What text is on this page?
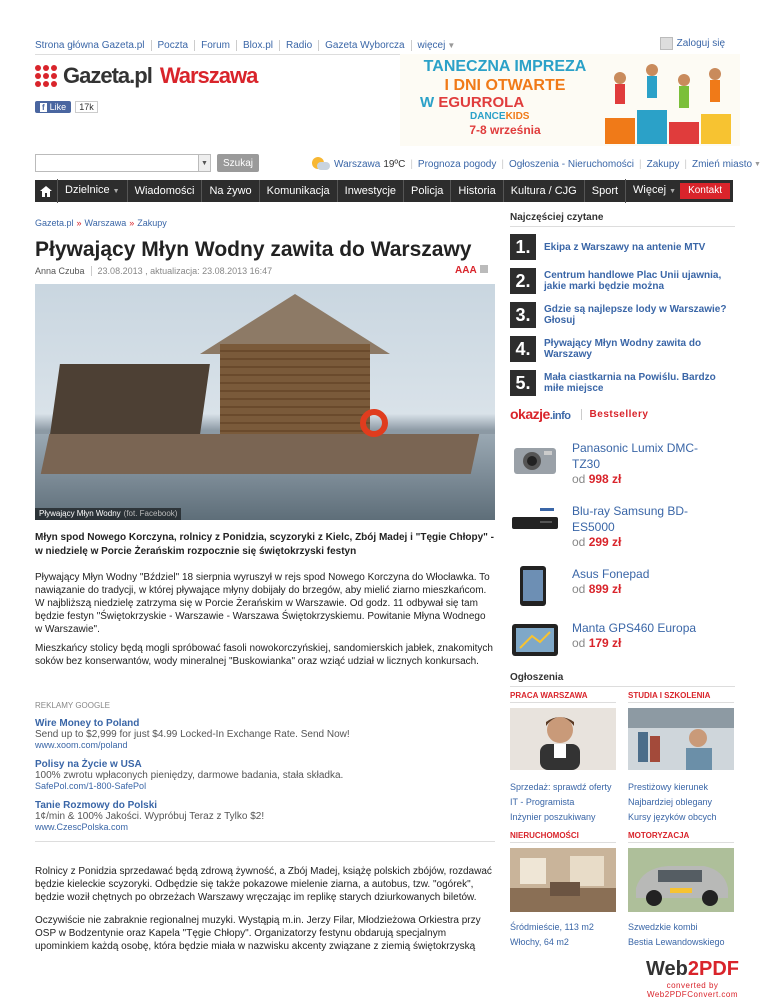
Strona główna Gazeta.pl	Poczta	Forum	Blox.pl	Radio	Gazeta Wyborcza	więcej ▼	Zaloguj się
Gazeta.pl Warszawa
f Like	17k
TANECZNA IMPREZA
I DNI OTWARTE
W EGURROLA
DANCEKIDS
7-8 września
▼	Szukaj	Warszawa 19ºC | Prognoza pogody | Ogłoszenia - Nieruchomości | Zakupy | Zmień miasto ▼
Dzielnice ▼	Wiadomości	Na żywo	Komunikacja	Inwestycje	Policja	Historia	Kultura / CJG	Sport	Więcej ▼	Kontakt
Gazeta.pl » Warszawa » Zakupy
Pływający Młyn Wodny zawita do Warszawy
Anna Czuba 23.08.2013 , aktualizacja: 23.08.2013 16:47	AAA
Pływający Młyn Wodny (fot. Facebook)
Młyn spod Nowego Korczyna, rolnicy z Ponidzia, scyzoryki z Kielc, Zbój Madej i "Tęgie Chłopy" - w niedzielę w Porcie Żerańskim rozpocznie się świętokrzyski festyn
Pływający Młyn Wodny "Bździel" 18 sierpnia wyruszył w rejs spod Nowego Korczyna do Włocławka. To nawiązanie do tradycji, w której pływające młyny dobijały do brzegów, aby mielić ziarno mieszkańcom. W najbliższą niedzielę zatrzyma się w Porcie Żerańskim w Warszawie. Od godz. 11 odbywał się tam będzie festyn "Świętokrzyskie - Warszawie - Warszawa Świętokrzyskiemu. Powitanie Młyna Wodnego w Warszawie".
Mieszkańcy stolicy będą mogli spróbować fasoli nowokorczyńskiej, sandomierskich jabłek, znakomitych soków bez konserwantów, wody mineralnej "Buskowianka" oraz wziąć udział w licznych konkursach.
REKLAMY GOOGLE
Wire Money to Poland
Send up to $2,999 for just $4.99 Locked-In Exchange Rate. Send Now!
www.xoom.com/poland
Polisy na Życie w USA
100% zwrotu wpłaconych pieniędzy, darmowe badania, stała składka.
SafePol.com/1-800-SafePol
Tanie Rozmowy do Polski
1¢/min & 100% Jakości. Wypróbuj Teraz z Tylko $2!
www.CzescPolska.com
Rolnicy z Ponidzia sprzedawać będą zdrową żywność, a Zbój Madej, książę polskich zbójów, rozdawać będzie kieleckie scyzoryki. Odbędzie się także pokazowe mielenie ziarna, a autobus, tzw. "ogórek", będzie woził chętnych po obrzeżach Warszawy wręczając im replikę starych dziurkowanych biletów.
Oczywiście nie zabraknie regionalnej muzyki. Wystąpią m.in. Jerzy Filar, Młodzieżowa Orkiestra przy OSP w Bodzentynie oraz Kapela "Tęgie Chłopy". Organizatorzy festynu obdarują specjalnym upominkiem każdą osobę, która będzie miała w nazwisku akcenty związane z ziemią świętokrzyską
Najczęściej czytane
1.	Ekipa z Warszawy na antenie MTV
2.	Centrum handlowe Plac Unii ujawnia, jakie marki będzie można
3.	Gdzie są najlepsze lody w Warszawie? Głosuj
4.	Pływający Młyn Wodny zawita do Warszawy
5.	Mała ciastkarnia na Powiślu. Bardzo miłe miejsce
okazje.info	Bestsellery
Panasonic Lumix DMC-TZ30
od 998 zł
Blu-ray Samsung BD-ES5000
od 299 zł
Asus Fonepad
od 899 zł
Manta GPS460 Europa
od 179 zł
Ogłoszenia
PRACA WARSZAWA	STUDIA I SZKOLENIA
Sprzedaż: sprawdź oferty
IT - Programista
Inżynier poszukiwany
Prestiżowy kierunek
Najbardziej oblegany
Kursy języków obcych
NIERUCHOMOŚCI	MOTORYZACJA
Śródmieście, 113 m2
Włochy, 64 m2
Szwedzkie kombi
Bestia Lewandowskiego
Web2PDF
converted by Web2PDFConvert.com
